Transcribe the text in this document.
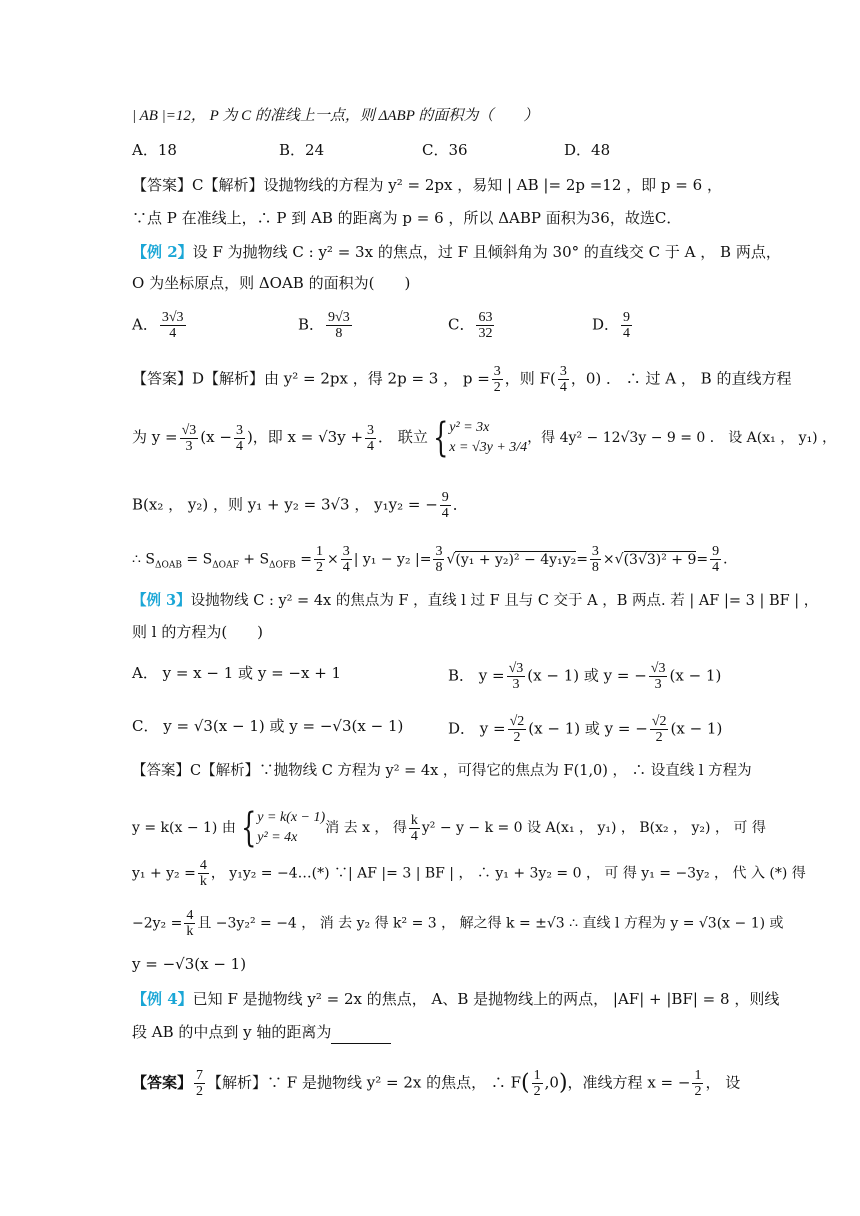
| AB |=12， P 为 C 的准线上一点，则 ΔABP 的面积为（　　）
A．18	B．24	C．36	D．48
【答案】C【解析】设抛物线的方程为 y² = 2px ，易知 | AB |= 2p =12 ，即 p = 6 ，
∵点 P 在准线上，∴ P 到 AB 的距离为 p = 6 ，所以 ΔABP 面积为36，故选C．
【例 2】设 F 为抛物线 C : y² = 3x 的焦点，过 F 且倾斜角为 30° 的直线交 C 于 A ， B 两点，
O 为坐标原点，则 ΔOAB 的面积为(　　)
A． $\frac{3√3}{4}$	B． $\frac{9√3}{8}$	C． $\frac{63}{32}$	D． $\frac{9}{4}$
【答案】D【解析】由 y² = 2px ，得 2p = 3 ， $p = \frac{3}{2}$ ，则 $F( \frac{3}{4}$ ，0) ． ∴ 过 A ， B 的直线方程
为 $y = \frac{√3}{3} (x - \frac{3}{4}$ )，即 $x = √3y + \frac{3}{4}$ ． 联立 { y² = 3x
x = √3y + 3/4
，得 4y² − 12√3y − 9 = 0 ． 设 A(x₁ ， y₁) ，
B(x₂ ， y₂) ，则 y₁ + y₂ = 3√3 ， y₁y₂ = − $\frac{9}{4}$ ．
∴ $S_{\Delta OAB} = S_{\Delta OAF} + S_{\Delta OFB} = \frac{1}{2} \times \frac{3}{4}$ | y₁ − y₂ |= $\frac{3}{8} √(y_1 + y_2)^2 - 4y_1y_2= \frac{3}{8} \times√(3√3)^2 + 9= \frac{9}{4}$ ．
【例 3】设抛物线 C : y² = 4x 的焦点为 F ，直线 l 过 F 且与 C 交于 A ，B 两点. 若 | AF |= 3 | BF | ，
则 l 的方程为(　　)
A． y = x − 1 或 y = −x + 1	B． $y = \frac{√3}{3} (x - 1)$ 或 y = − $\frac{√3}{3} (x - 1)$
C． y = √3(x − 1) 或 y = −√3(x − 1)	D． $y = \frac{√2}{2} (x - 1)$ 或 y = − $\frac{√2}{2} (x - 1)$
【答案】C【解析】∵抛物线 C 方程为 y² = 4x ，可得它的焦点为 F(1,0) ， ∴ 设直线 l 方程为
y = k(x − 1) 由 { y = k(x − 1)
y² = 4x
消 去 x ， 得 $\frac{k}{4} y^2 - y - k = 0$ 设 A(x₁ ， y₁) ， B(x₂ ， y₂) ， 可 得
$y_1 + y_2 = \frac{4}{k}$ ， y₁y₂ = −4…(*) ∵| AF |= 3 | BF | ， ∴ y₁ + 3y₂ = 0 ， 可 得 y₁ = −3y₂ ， 代 入 (*) 得
$-2y_2 = \frac{4}{k}$ 且 −3y₂² = −4 ， 消 去 y₂ 得 k² = 3 ， 解之得 k = ±√3 ∴ 直线 l 方程为 y = √3(x − 1) 或
y = −√3(x − 1)
【例 4】已知 F 是抛物线 y² = 2x 的焦点， A、B 是抛物线上的两点， |AF| + |BF| = 8 ，则线
段 AB 的中点到 y 轴的距离为
【答案】 $\frac{7}{2}$ 【解析】∵ F 是抛物线 y² = 2x 的焦点， ∴ $F( \frac{1}{2} ,0)$，准线方程 x = − $\frac{1}{2}$ ， 设
